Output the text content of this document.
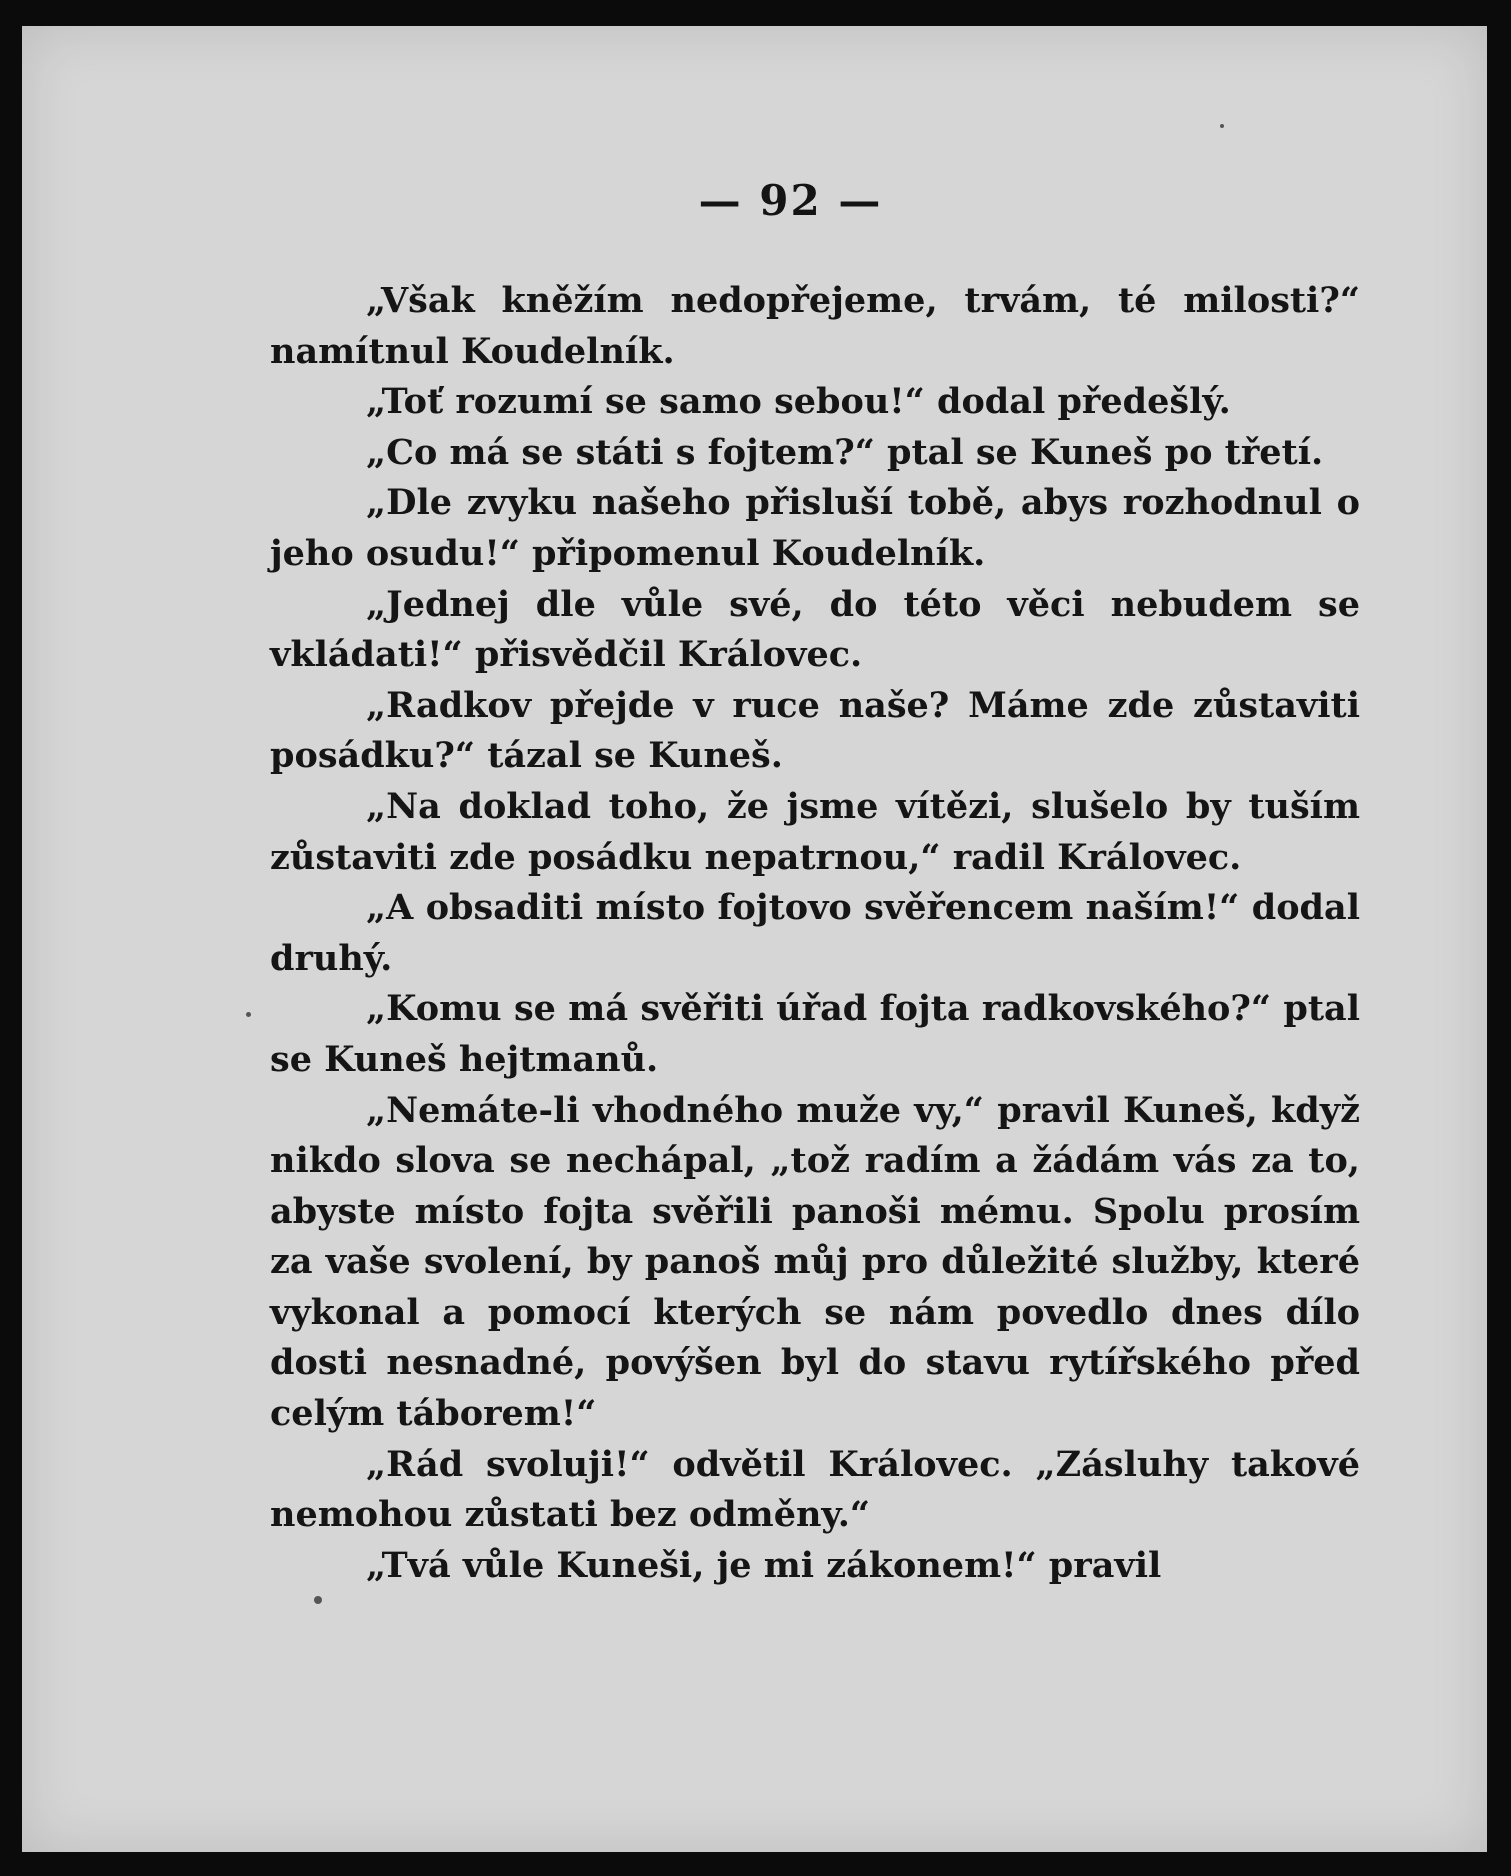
— 92 —

„Však kněžím nedopřejeme, trvám, té milosti?“ namítnul Koudelník.

„Toť rozumí se samo sebou!“ dodal předešlý.

„Co má se státi s fojtem?“ ptal se Kuneš po třetí.

„Dle zvyku našeho přisluší tobě, abys rozhodnul o jeho osudu!“ připomenul Koudelník.

„Jednej dle vůle své, do této věci nebudem se vkládati!“ přisvědčil Královec.

„Radkov přejde v ruce naše? Máme zde zůstaviti posádku?“ tázal se Kuneš.

„Na doklad toho, že jsme vítězi, slušelo by tuším zůstaviti zde posádku nepatrnou,“ radil Královec.

„A obsaditi místo fojtovo svěřencem naším!“ dodal druhý.

„Komu se má svěřiti úřad fojta radkovského?“ ptal se Kuneš hejtmanů.

„Nemáte-li vhodného muže vy,“ pravil Kuneš, když nikdo slova se nechápal, „tož radím a žádám vás za to, abyste místo fojta svěřili panoši mému. Spolu prosím za vaše svolení, by panoš můj pro důležité služby, které vykonal a pomocí kterých se nám povedlo dnes dílo dosti nesnadné, povýšen byl do stavu rytířského před celým táborem!“

„Rád svoluji!“ odvětil Královec. „Zásluhy takové nemohou zůstati bez odměny.“

„Tvá vůle Kuneši, je mi zákonem!“ pravil
